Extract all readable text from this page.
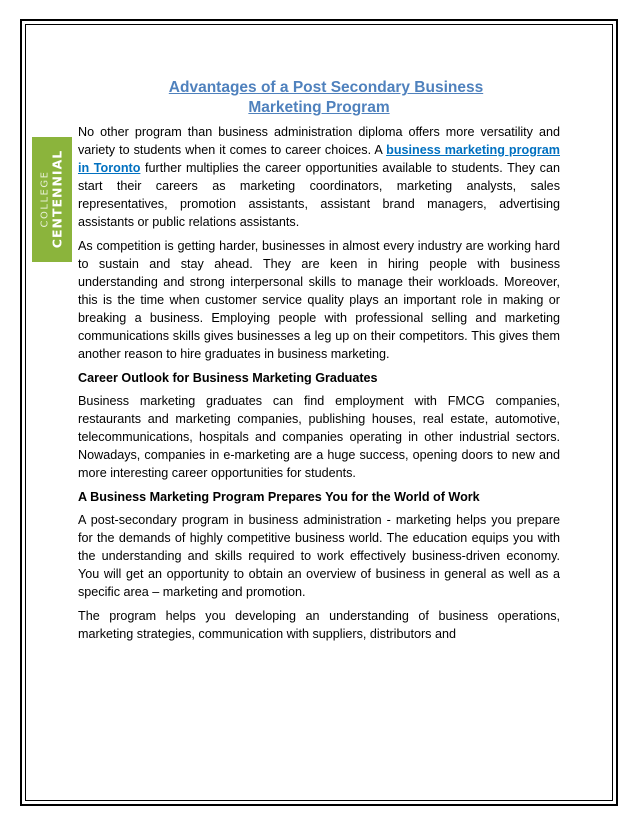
COLLEGE CENTENNIAL
Advantages of a Post Secondary Business
Marketing Program

No other program than business administration diploma offers more versatility and variety to students when it comes to career choices. A business marketing program in Toronto further multiplies the career opportunities available to students. They can start their careers as marketing coordinators, marketing analysts, sales representatives, promotion assistants, assistant brand managers, advertising assistants or public relations assistants.

As competition is getting harder, businesses in almost every industry are working hard to sustain and stay ahead. They are keen in hiring people with business understanding and strong interpersonal skills to manage their workloads. Moreover, this is the time when customer service quality plays an important role in making or breaking a business. Employing people with professional selling and marketing communications skills gives businesses a leg up on their competitors. This gives them another reason to hire graduates in business marketing.

Career Outlook for Business Marketing Graduates

Business marketing graduates can find employment with FMCG companies, restaurants and marketing companies, publishing houses, real estate, automotive, telecommunications, hospitals and companies operating in other industrial sectors. Nowadays, companies in e-marketing are a huge success, opening doors to new and more interesting career opportunities for students.

A Business Marketing Program Prepares You for the World of Work

A post-secondary program in business administration - marketing helps you prepare for the demands of highly competitive business world. The education equips you with the understanding and skills required to work effectively business-driven economy. You will get an opportunity to obtain an overview of business in general as well as a specific area – marketing and promotion.

The program helps you developing an understanding of business operations, marketing strategies, communication with suppliers, distributors and
